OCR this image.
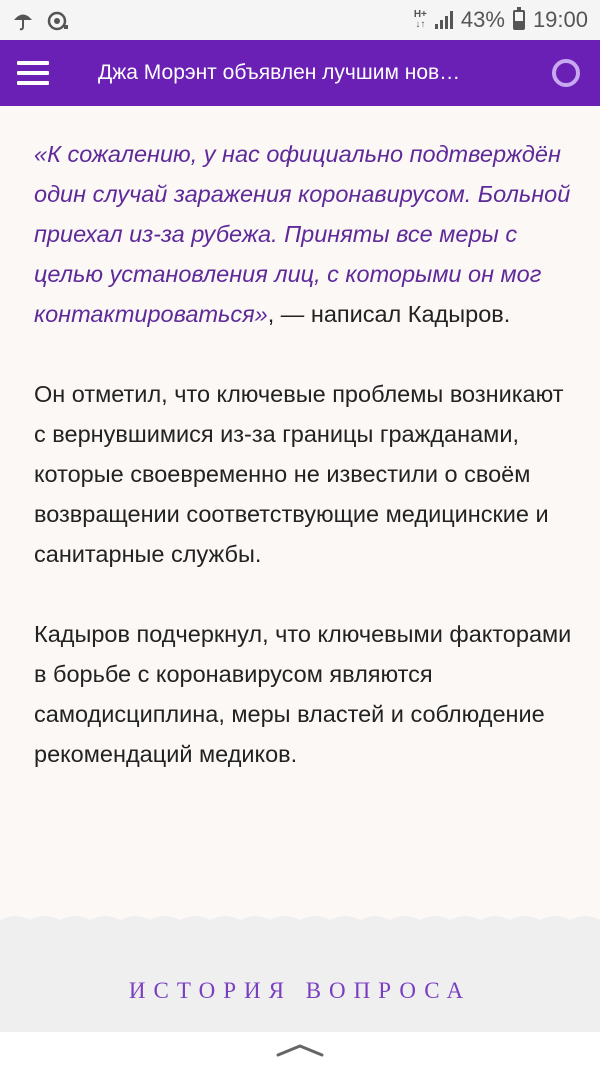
H+
↓↑ 43% 19:00
Джа Морэнт объявлен лучшим нов…

«К сожалению, у нас официально подтверждён один случай заражения коронавирусом. Больной приехал из-за рубежа. Приняты все меры с целью установления лиц, с которыми он мог контактироваться», — написал Кадыров.

Он отметил, что ключевые проблемы возникают с вернувшимися из-за границы гражданами, которые своевременно не известили о своём возвращении соответствующие медицинские и санитарные службы.

Кадыров подчеркнул, что ключевыми факторами в борьбе с коронавирусом являются самодисциплина, меры властей и соблюдение рекомендаций медиков.

ИСТОРИЯ ВОПРОСА
